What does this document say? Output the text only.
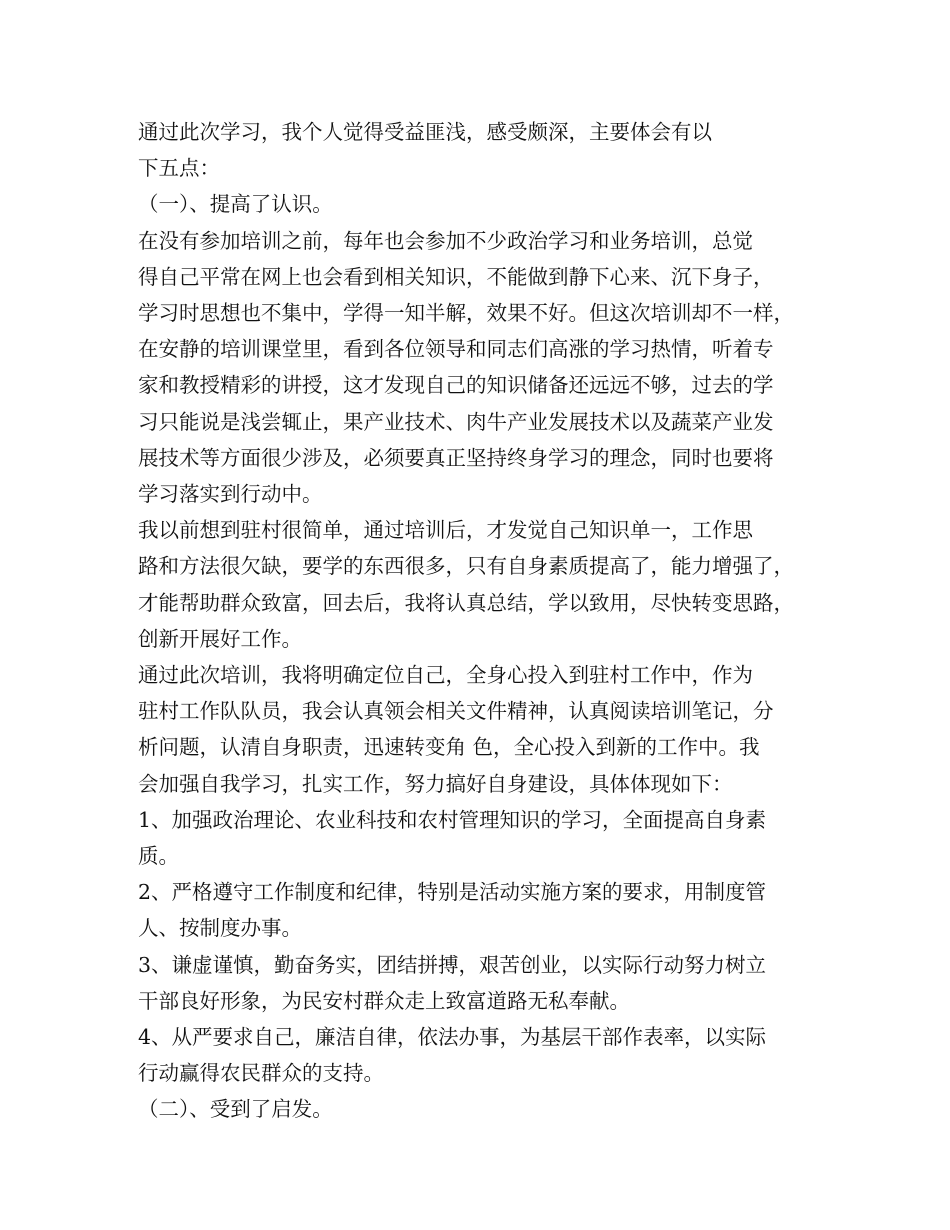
通过此次学习，我个人觉得受益匪浅，感受颇深，主要体会有以
下五点：
（一）、提高了认识。
在没有参加培训之前，每年也会参加不少政治学习和业务培训，总觉
得自己平常在网上也会看到相关知识，不能做到静下心来、沉下身子，
学习时思想也不集中，学得一知半解，效果不好。但这次培训却不一样，
在安静的培训课堂里，看到各位领导和同志们高涨的学习热情，听着专
家和教授精彩的讲授，这才发现自己的知识储备还远远不够，过去的学
习只能说是浅尝辄止，果产业技术、肉牛产业发展技术以及蔬菜产业发
展技术等方面很少涉及，必须要真正坚持终身学习的理念，同时也要将
学习落实到行动中。
我以前想到驻村很简单，通过培训后，才发觉自己知识单一，工作思
路和方法很欠缺，要学的东西很多，只有自身素质提高了，能力增强了，
才能帮助群众致富，回去后，我将认真总结，学以致用，尽快转变思路，
创新开展好工作。
通过此次培训，我将明确定位自己，全身心投入到驻村工作中，作为
驻村工作队队员，我会认真领会相关文件精神，认真阅读培训笔记，分
析问题，认清自身职责，迅速转变角 色，全心投入到新的工作中。我
会加强自我学习，扎实工作，努力搞好自身建设，具体体现如下：
1、加强政治理论、农业科技和农村管理知识的学习，全面提高自身素
质。
2、严格遵守工作制度和纪律，特别是活动实施方案的要求，用制度管
人、按制度办事。
3、谦虚谨慎，勤奋务实，团结拼搏，艰苦创业，以实际行动努力树立
干部良好形象，为民安村群众走上致富道路无私奉献。
4、从严要求自己，廉洁自律，依法办事，为基层干部作表率，以实际
行动赢得农民群众的支持。
（二）、受到了启发。
